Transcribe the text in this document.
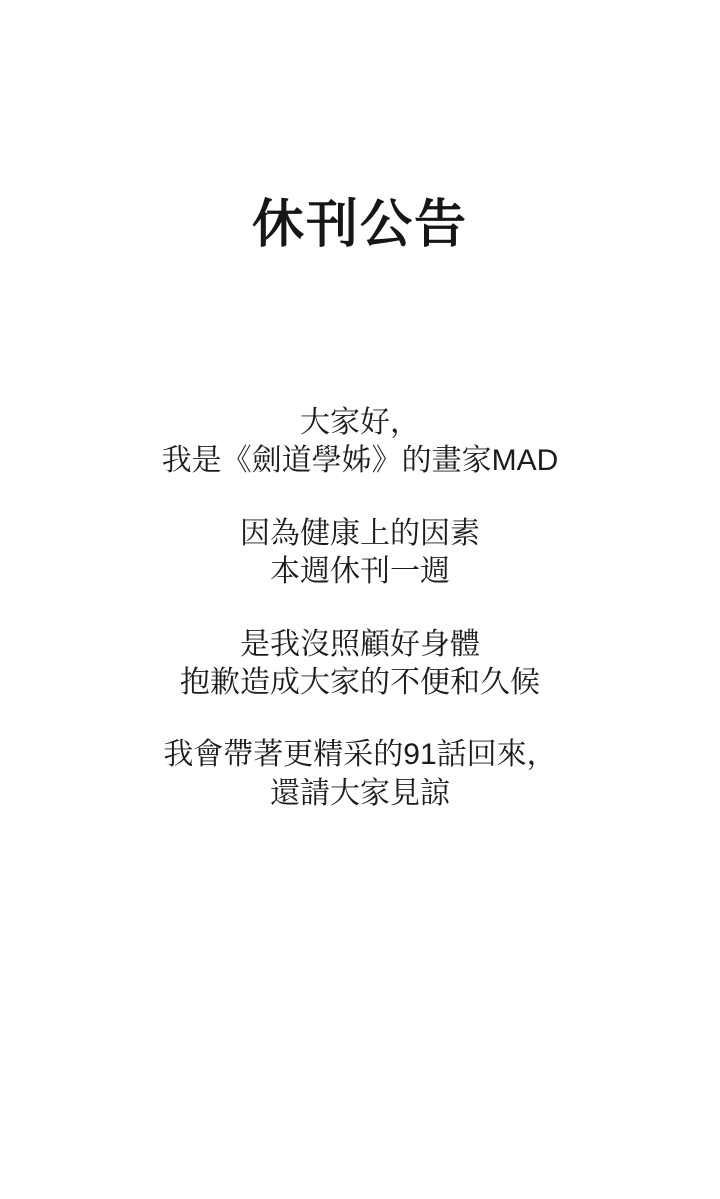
休刊公告
大家好，
我是《劍道學姊》的畫家MAD
因為健康上的因素
本週休刊一週
是我沒照顧好身體
抱歉造成大家的不便和久候
我會帶著更精采的91話回來，
還請大家見諒
